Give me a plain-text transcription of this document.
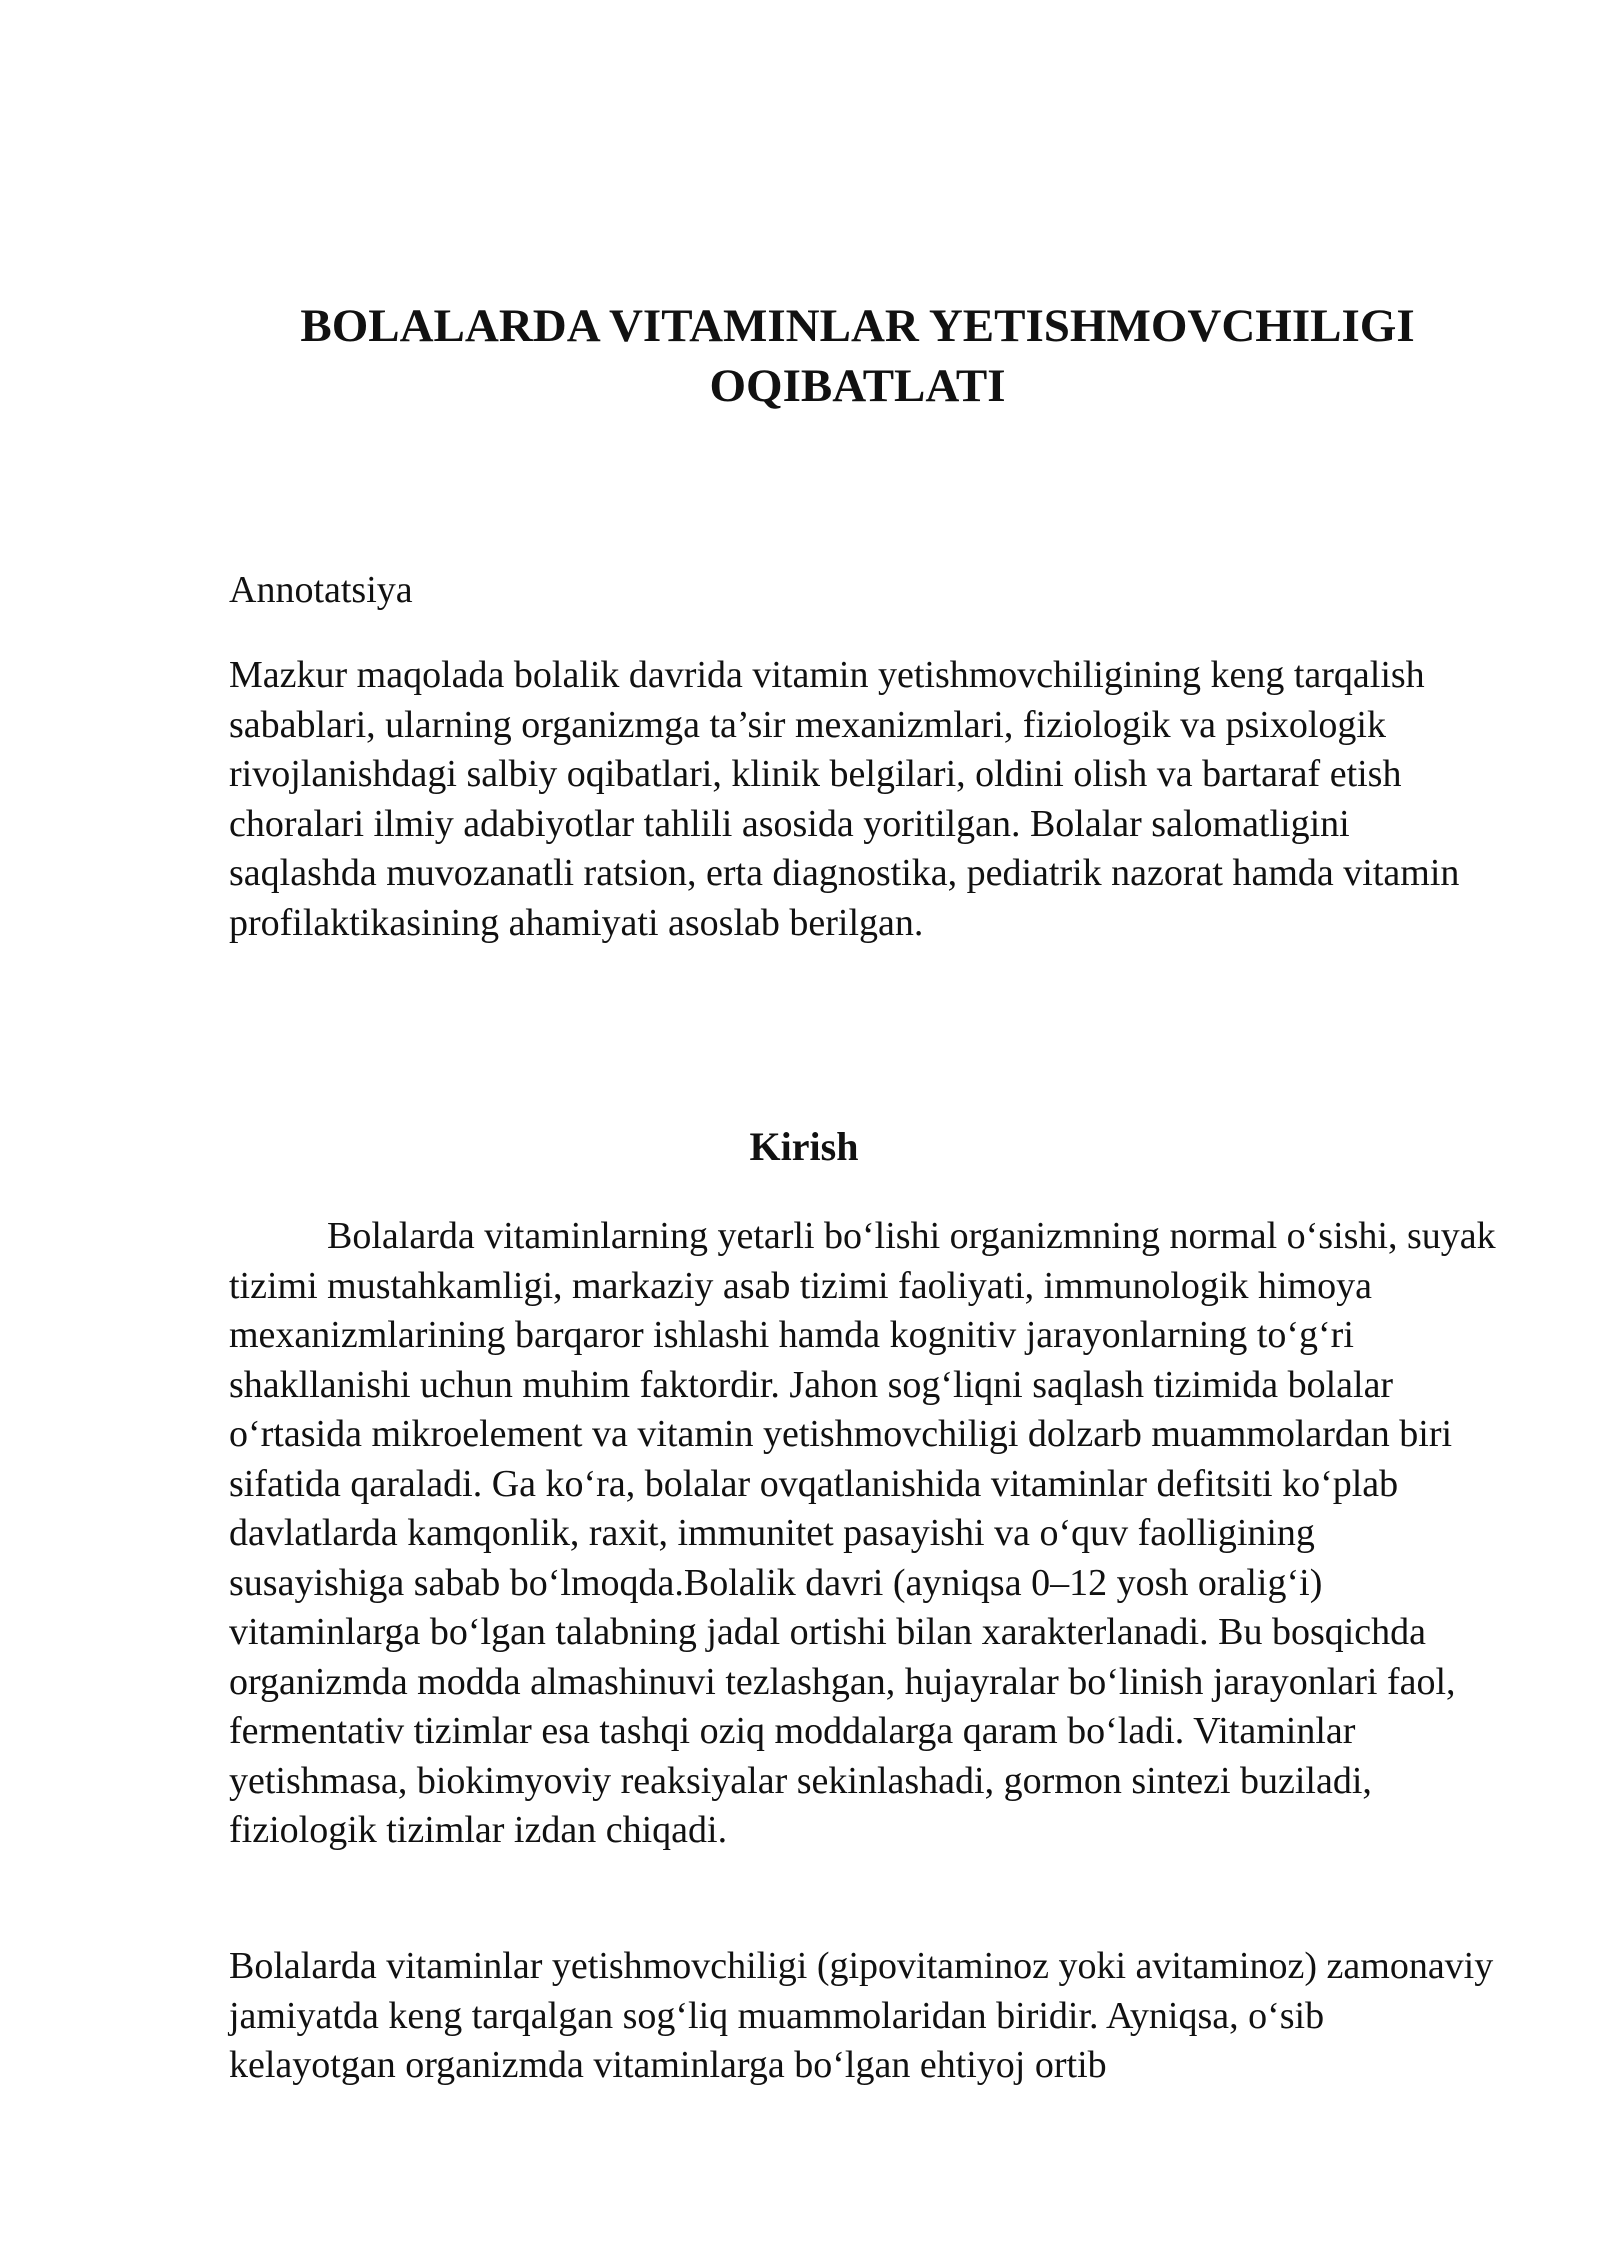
BOLALARDA VITAMINLAR YETISHMOVCHILIGI OQIBATLATI

Annotatsiya

Mazkur maqolada bolalik davrida vitamin yetishmovchiligining keng tarqalish sabablari, ularning organizmga ta’sir mexanizmlari, fiziologik va psixologik rivojlanishdagi salbiy oqibatlari, klinik belgilari, oldini olish va bartaraf etish choralari ilmiy adabiyotlar tahlili asosida yoritilgan. Bolalar salomatligini saqlashda muvozanatli ratsion, erta diagnostika, pediatrik nazorat hamda vitamin profilaktikasining ahamiyati asoslab berilgan.

Kirish

Bolalarda vitaminlarning yetarli boʻlishi organizmning normal oʻsishi, suyak tizimi mustahkamligi, markaziy asab tizimi faoliyati, immunologik himoya mexanizmlarining barqaror ishlashi hamda kognitiv jarayonlarning toʻgʻri shakllanishi uchun muhim faktordir. Jahon sogʻliqni saqlash tizimida bolalar oʻrtasida mikroelement va vitamin yetishmovchiligi dolzarb muammolardan biri sifatida qaraladi. Ga koʻra, bolalar ovqatlanishida vitaminlar defitsiti koʻplab davlatlarda kamqonlik, raxit, immunitet pasayishi va oʻquv faolligining susayishiga sabab boʻlmoqda.Bolalik davri (ayniqsa 0–12 yosh oraligʻi) vitaminlarga boʻlgan talabning jadal ortishi bilan xarakterlanadi. Bu bosqichda organizmda modda almashinuvi tezlashgan, hujayralar boʻlinish jarayonlari faol, fermentativ tizimlar esa tashqi oziq moddalarga qaram boʻladi. Vitaminlar yetishmasa, biokimyoviy reaksiyalar sekinlashadi, gormon sintezi buziladi, fiziologik tizimlar izdan chiqadi.

Bolalarda vitaminlar yetishmovchiligi (gipovitaminoz yoki avitaminoz) zamonaviy jamiyatda keng tarqalgan sogʻliq muammolaridan biridir. Ayniqsa, oʻsib kelayotgan organizmda vitaminlarga boʻlgan ehtiyoj ortib
